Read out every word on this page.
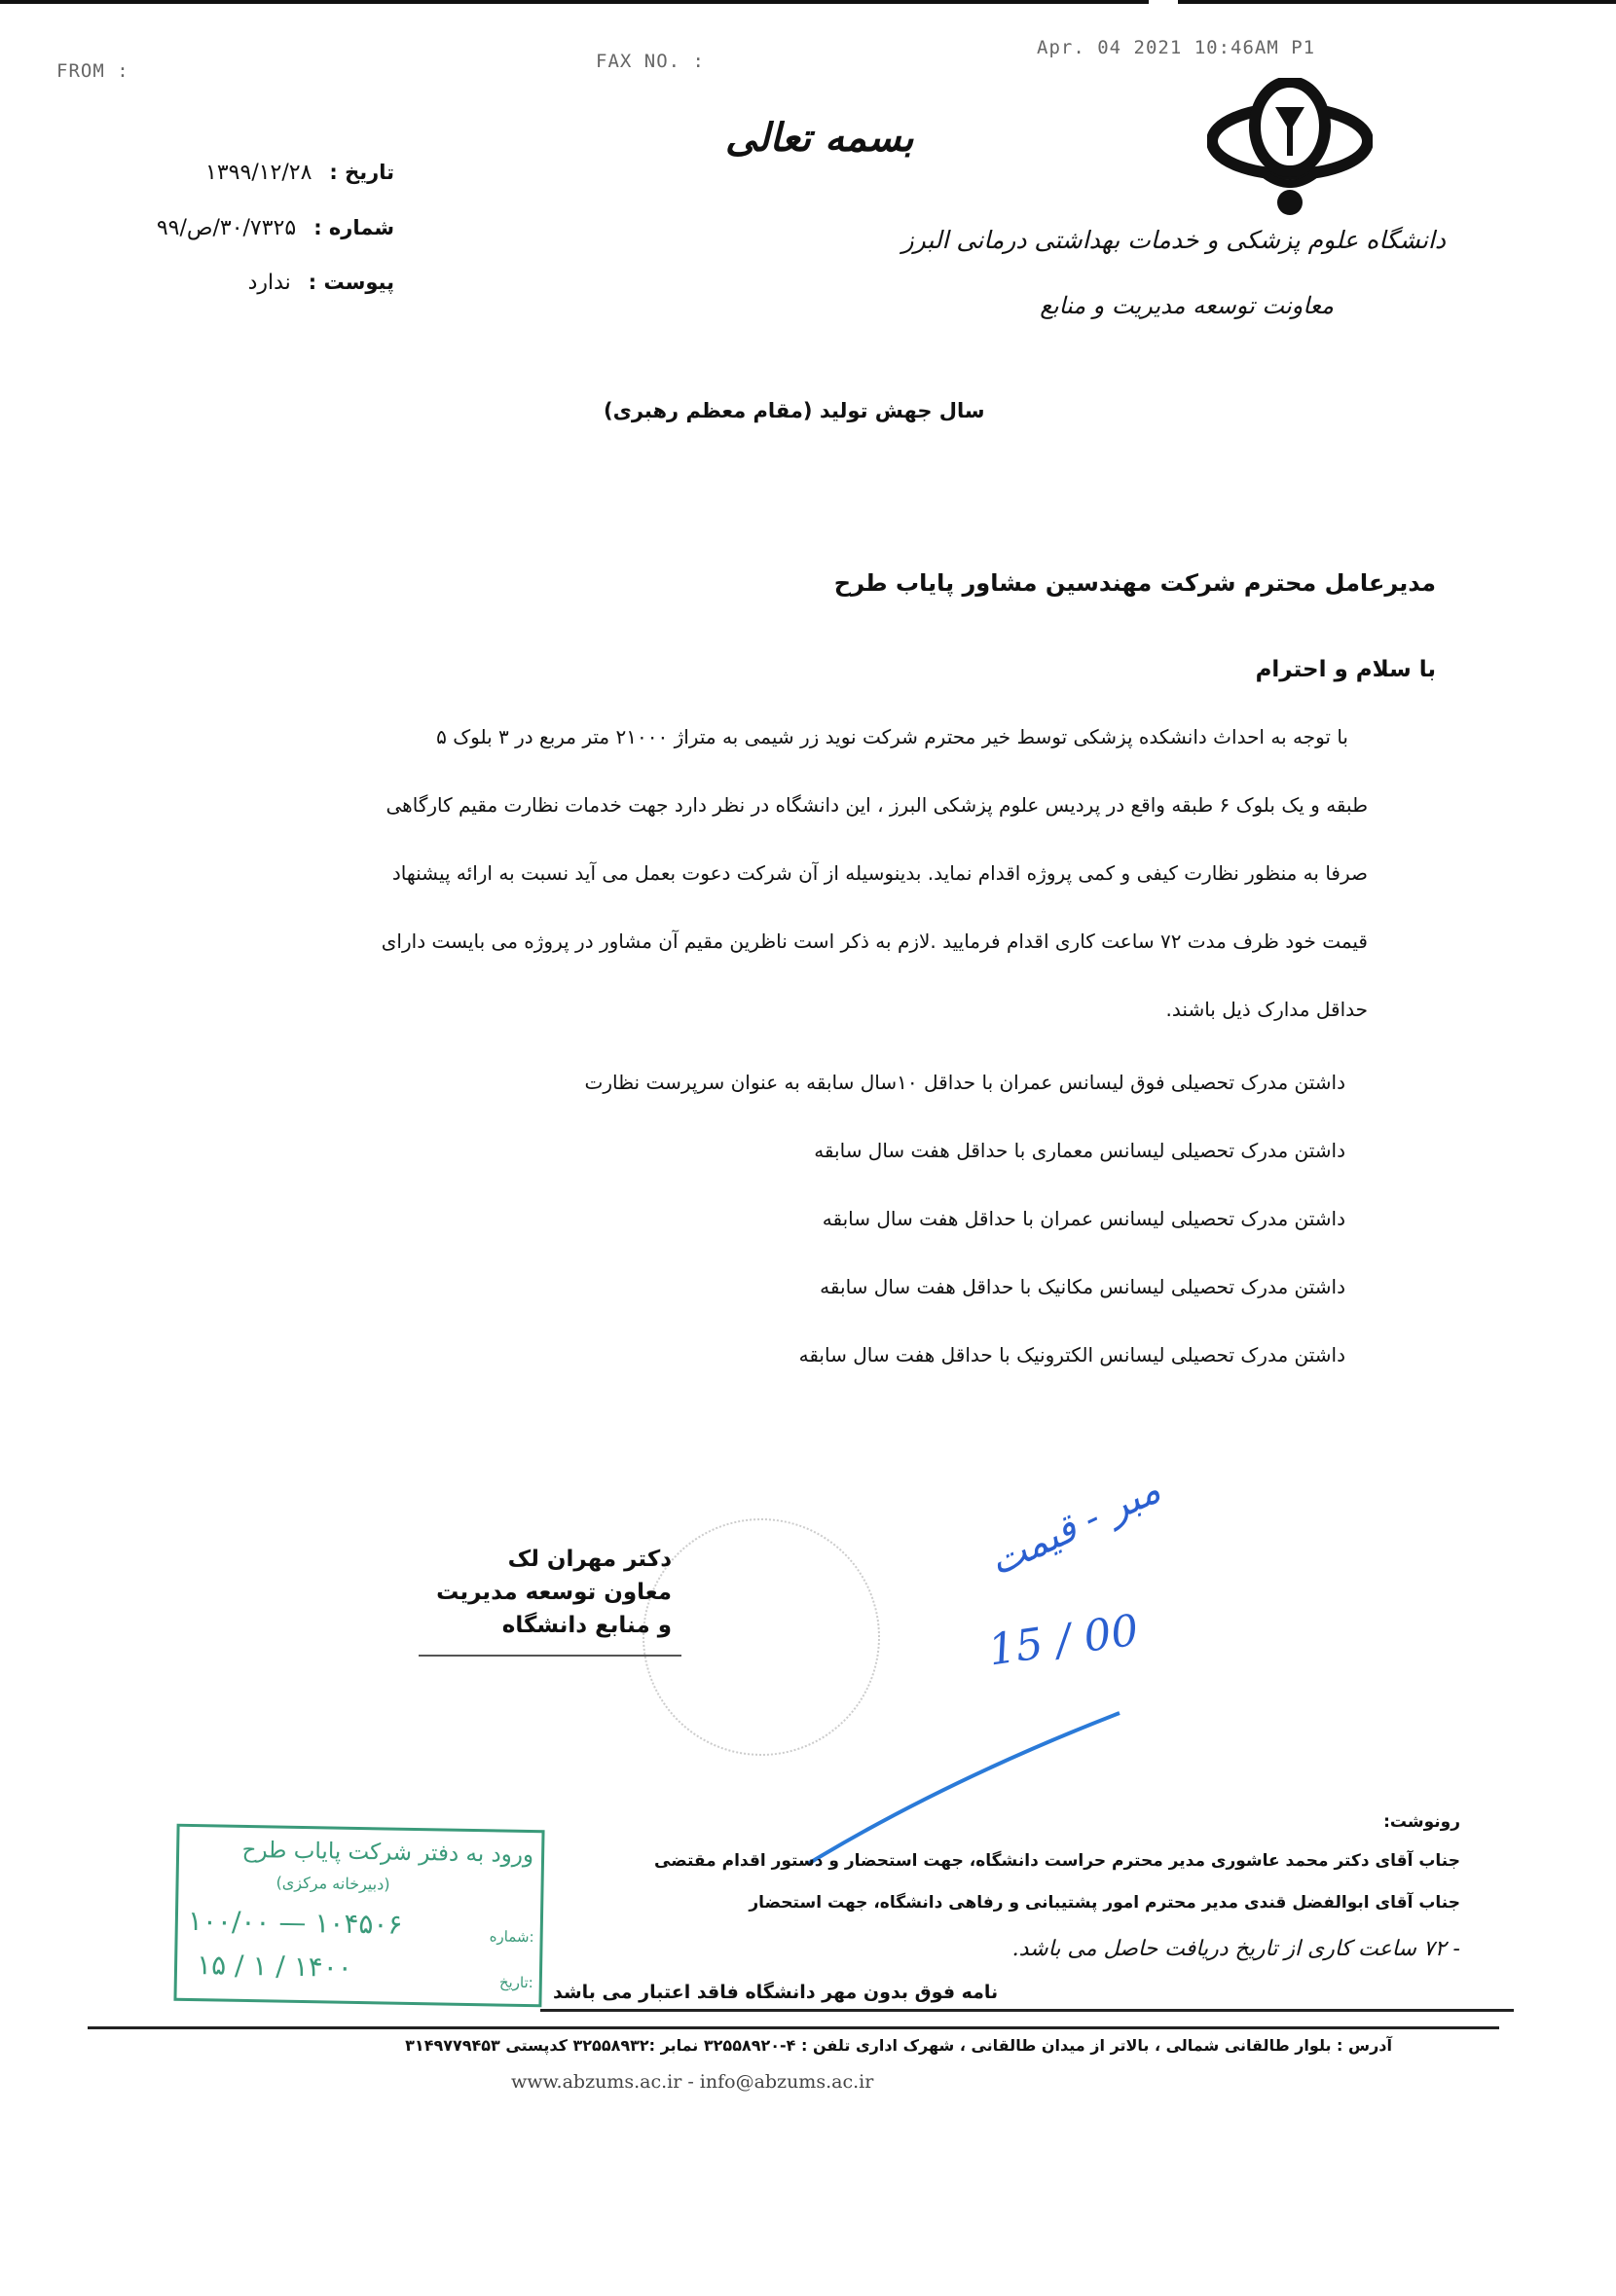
FROM :	FAX NO. :
Apr. 04 2021 10:46AM P1
دانشگاه علوم پزشکی و خدمات بهداشتی درمانی البرز
معاونت توسعه مدیریت و منابع
بسمه تعالی
تاریخ :۱۳۹۹/۱۲/۲۸
شماره :۳۰/۷۳۲۵/ص/۹۹
پیوست :ندارد
سال جهش تولید (مقام معظم رهبری)
مدیرعامل محترم شرکت مهندسین مشاور پایاب طرح
با سلام و احترام
با توجه به احداث دانشکده پزشکی توسط خیر محترم شرکت نوید زر شیمی به متراژ ۲۱۰۰۰ متر مربع در ۳ بلوک ۵
طبقه و یک بلوک ۶ طبقه واقع در پردیس علوم پزشکی البرز ، این دانشگاه در نظر دارد جهت خدمات نظارت مقیم کارگاهی
صرفا به منظور نظارت کیفی و کمی پروژه اقدام نماید. بدینوسیله از آن شرکت دعوت بعمل می آید نسبت به ارائه پیشنهاد
قیمت خود ظرف مدت ۷۲ ساعت کاری اقدام فرمایید .لازم به ذکر است ناظرین مقیم آن مشاور در پروژه می بایست دارای
حداقل مدارک ذیل باشند.
داشتن مدرک تحصیلی فوق لیسانس عمران با حداقل ۱۰سال سابقه به عنوان سرپرست نظارت
داشتن مدرک تحصیلی لیسانس معماری با حداقل هفت سال سابقه
داشتن مدرک تحصیلی لیسانس عمران با حداقل هفت سال سابقه
داشتن مدرک تحصیلی لیسانس مکانیک با حداقل هفت سال سابقه
داشتن مدرک تحصیلی لیسانس الکترونیک با حداقل هفت سال سابقه
دکتر مهران لک
معاون توسعه مدیریت
و منابع دانشگاه
مبر - قیمت
15 / 00
رونوشت:
جناب آقای دکتر محمد عاشوری مدیر محترم حراست دانشگاه، جهت استحضار و دستور اقدام مقتضی
جناب آقای ابوالفضل قندی مدیر محترم امور پشتیبانی و رفاهی دانشگاه، جهت استحضار
- ۷۲ ساعت کاری از تاریخ دریافت حاصل می باشد.
نامه فوق بدون مهر دانشگاه فاقد اعتبار می باشد
ورود به دفتر شرکت پایاب طرح
(دبیرخانه مرکزی)
شماره:
۱۰۰/۰۰ — ۱۰۴۵۰۶
تاریخ:
۱۴۰۰ / ۱ / ۱۵
آدرس : بلوار طالقانی شمالی ، بالاتر از میدان طالقانی ، شهرک اداری تلفن : ۴-۳۲۵۵۸۹۲۰ نمابر :۳۲۵۵۸۹۳۲ کدپستی ۳۱۴۹۷۷۹۴۵۳
www.abzums.ac.ir - info@abzums.ac.ir
